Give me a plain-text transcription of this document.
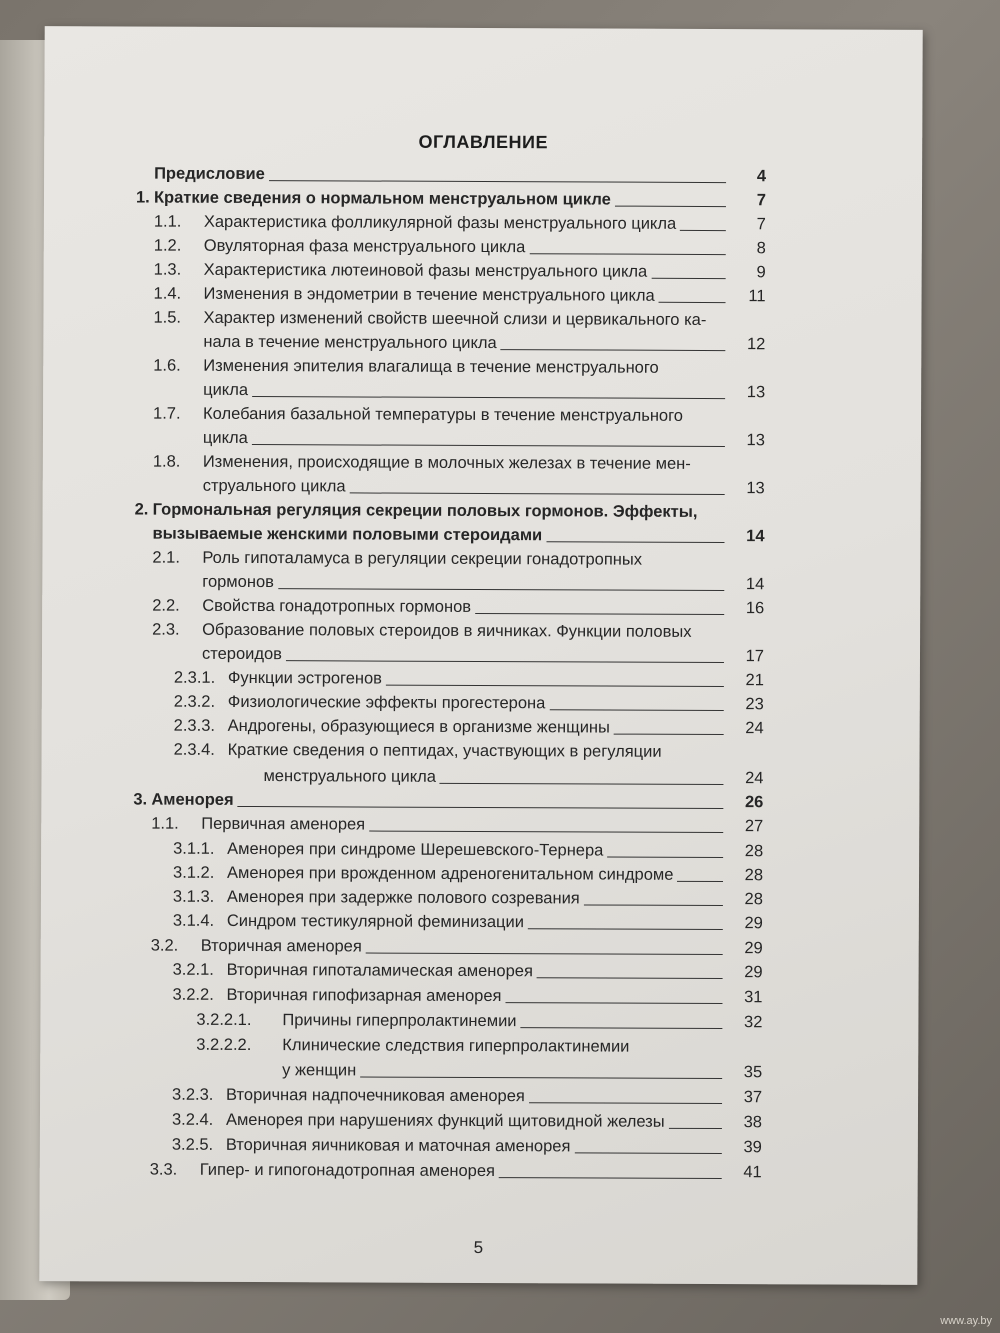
ОГЛАВЛЕНИЕ
Предисловие	4
1. Краткие сведения о нормальном менструальном цикле	7
1.1. Характеристика фолликулярной фазы менструального цикла	7
1.2. Овуляторная фаза менструального цикла	8
1.3. Характеристика лютеиновой фазы менструального цикла	9
1.4. Изменения в эндометрии в течение менструального цикла	11
1.5. Характер изменений свойств шеечной слизи и цервикального ка-
нала в течение менструального цикла	12
1.6. Изменения эпителия влагалища в течение менструального
цикла	13
1.7. Колебания базальной температуры в течение менструального
цикла	13
1.8. Изменения, происходящие в молочных железах в течение мен-
струального цикла	13
2. Гормональная регуляция секреции половых гормонов. Эффекты,
вызываемые женскими половыми стероидами	14
2.1. Роль гипоталамуса в регуляции секреции гонадотропных
гормонов	14
2.2. Свойства гонадотропных гормонов	16
2.3. Образование половых стероидов в яичниках. Функции половых
стероидов	17
2.3.1. Функции эстрогенов	21
2.3.2. Физиологические эффекты прогестерона	23
2.3.3. Андрогены, образующиеся в организме женщины	24
2.3.4. Краткие сведения о пептидах, участвующих в регуляции
менструального цикла	24
3. Аменорея	26
1.1. Первичная аменорея	27
3.1.1. Аменорея при синдроме Шерешевского-Тернера	28
3.1.2. Аменорея при врожденном адреногенитальном синдроме	28
3.1.3. Аменорея при задержке полового созревания	28
3.1.4. Синдром тестикулярной феминизации	29
3.2. Вторичная аменорея	29
3.2.1. Вторичная гипоталамическая аменорея	29
3.2.2. Вторичная гипофизарная аменорея	31
3.2.2.1. Причины гиперпролактинемии	32
3.2.2.2. Клинические следствия гиперпролактинемии
у женщин	35
3.2.3. Вторичная надпочечниковая аменорея	37
3.2.4. Аменорея при нарушениях функций щитовидной железы	38
3.2.5. Вторичная яичниковая и маточная аменорея	39
3.3. Гипер- и гипогонадотропная аменорея	41
5
www.ay.by
